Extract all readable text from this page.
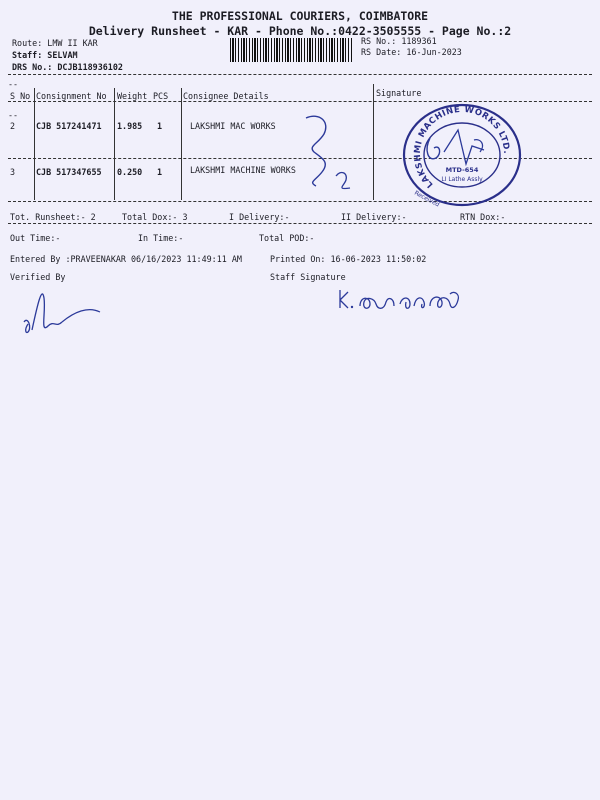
THE PROFESSIONAL COURIERS, COIMBATORE
Delivery Runsheet - KAR - Phone No.:0422-3505555 - Page No.:2
Route: LMW II KAR
Staff: SELVAM
DRS No.: DCJB118936102
RS No.: 1189361
RS Date: 16-Jun-2023
--
S No Consignment No Weight PCS Consignee Details	Signature
--
2 CJB 517241471 1.985 1	LAKSHMI MAC WORKS
3 CJB 517347655 0.250 1	LAKSHMI MACHINE WORKS
Tot. Runsheet:- 2	Total Dox:- 3	I Delivery:-	II Delivery:-	RTN Dox:-
Out Time:-	In Time:-	Total POD:-
Entered By :PRAVEENAKAR 06/16/2023 11:49:11 AM	Printed On: 16-06-2023 11:50:02
Verified By	Staff Signature
LAKSHMI MACHINE WORKS LTD.
MTD-654
LI Lathe Assly
Received
